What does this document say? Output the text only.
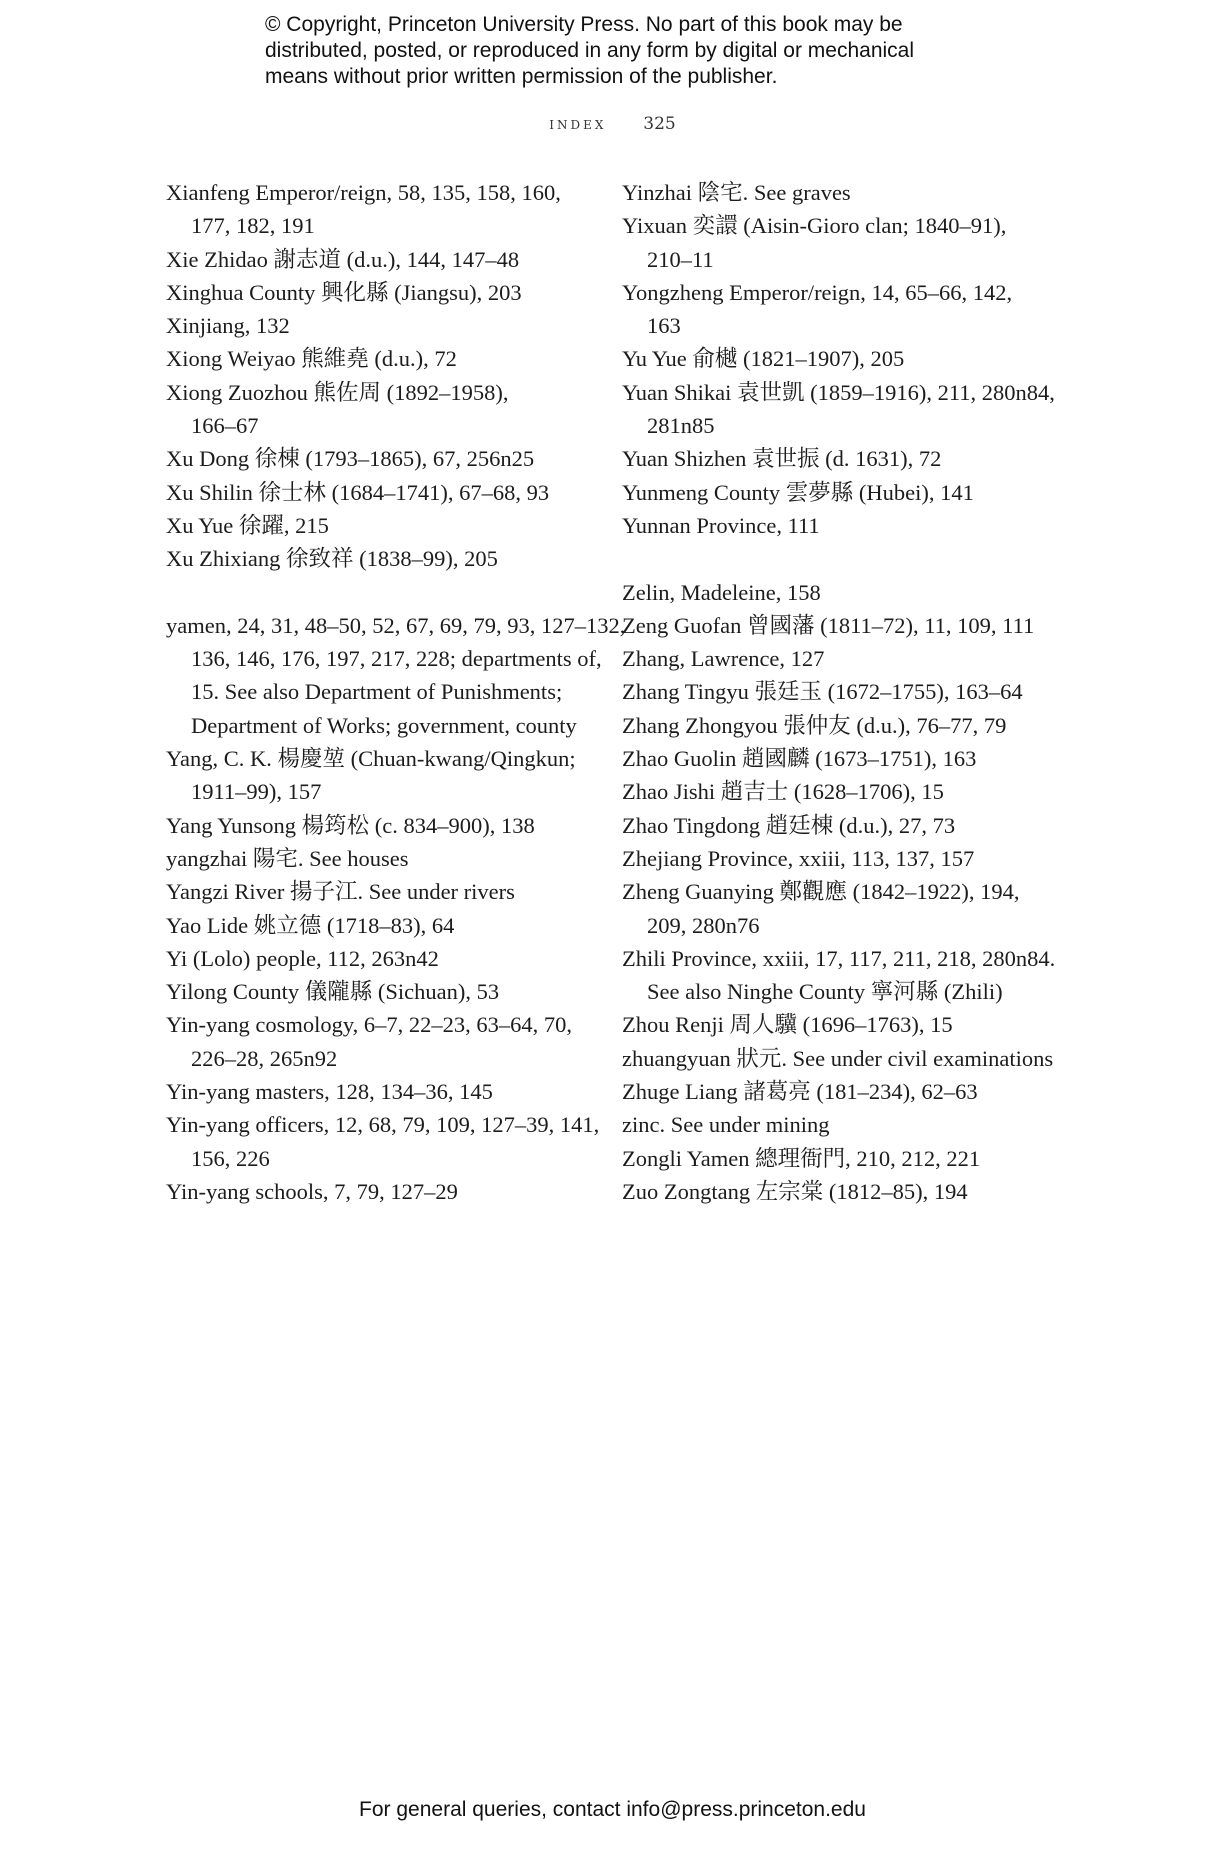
© Copyright, Princeton University Press. No part of this book may be
distributed, posted, or reproduced in any form by digital or mechanical
means without prior written permission of the publisher.
index 325
Xianfeng Emperor/reign, 58, 135, 158, 160,
177, 182, 191
Xie Zhidao 謝志道 (d.u.), 144, 147–48
Xinghua County 興化縣 (Jiangsu), 203
Xinjiang, 132
Xiong Weiyao 熊維堯 (d.u.), 72
Xiong Zuozhou 熊佐周 (1892–1958),
166–67
Xu Dong 徐棟 (1793–1865), 67, 256n25
Xu Shilin 徐士林 (1684–1741), 67–68, 93
Xu Yue 徐躍, 215
Xu Zhixiang 徐致祥 (1838–99), 205
yamen, 24, 31, 48–50, 52, 67, 69, 79, 93, 127–132,
136, 146, 176, 197, 217, 228; departments of,
15. See also Department of Punishments;
Department of Works; government, county
Yang, C. K. 楊慶堃 (Chuan-kwang/Qingkun;
1911–99), 157
Yang Yunsong 楊筠松 (c. 834–900), 138
yangzhai 陽宅. See houses
Yangzi River 揚子江. See under rivers
Yao Lide 姚立德 (1718–83), 64
Yi (Lolo) people, 112, 263n42
Yilong County 儀隴縣 (Sichuan), 53
Yin-yang cosmology, 6–7, 22–23, 63–64, 70,
226–28, 265n92
Yin-yang masters, 128, 134–36, 145
Yin-yang officers, 12, 68, 79, 109, 127–39, 141,
156, 226
Yin-yang schools, 7, 79, 127–29
Yinzhai 陰宅. See graves
Yixuan 奕譞 (Aisin-Gioro clan; 1840–91),
210–11
Yongzheng Emperor/reign, 14, 65–66, 142,
163
Yu Yue 俞樾 (1821–1907), 205
Yuan Shikai 袁世凱 (1859–1916), 211, 280n84,
281n85
Yuan Shizhen 袁世振 (d. 1631), 72
Yunmeng County 雲夢縣 (Hubei), 141
Yunnan Province, 111
Zelin, Madeleine, 158
Zeng Guofan 曾國藩 (1811–72), 11, 109, 111
Zhang, Lawrence, 127
Zhang Tingyu 張廷玉 (1672–1755), 163–64
Zhang Zhongyou 張仲友 (d.u.), 76–77, 79
Zhao Guolin 趙國麟 (1673–1751), 163
Zhao Jishi 趙吉士 (1628–1706), 15
Zhao Tingdong 趙廷棟 (d.u.), 27, 73
Zhejiang Province, xxiii, 113, 137, 157
Zheng Guanying 鄭觀應 (1842–1922), 194,
209, 280n76
Zhili Province, xxiii, 17, 117, 211, 218, 280n84.
See also Ninghe County 寧河縣 (Zhili)
Zhou Renji 周人驥 (1696–1763), 15
zhuangyuan 狀元. See under civil examinations
Zhuge Liang 諸葛亮 (181–234), 62–63
zinc. See under mining
Zongli Yamen 總理衙門, 210, 212, 221
Zuo Zongtang 左宗棠 (1812–85), 194
For general queries, contact info@press.princeton.edu
